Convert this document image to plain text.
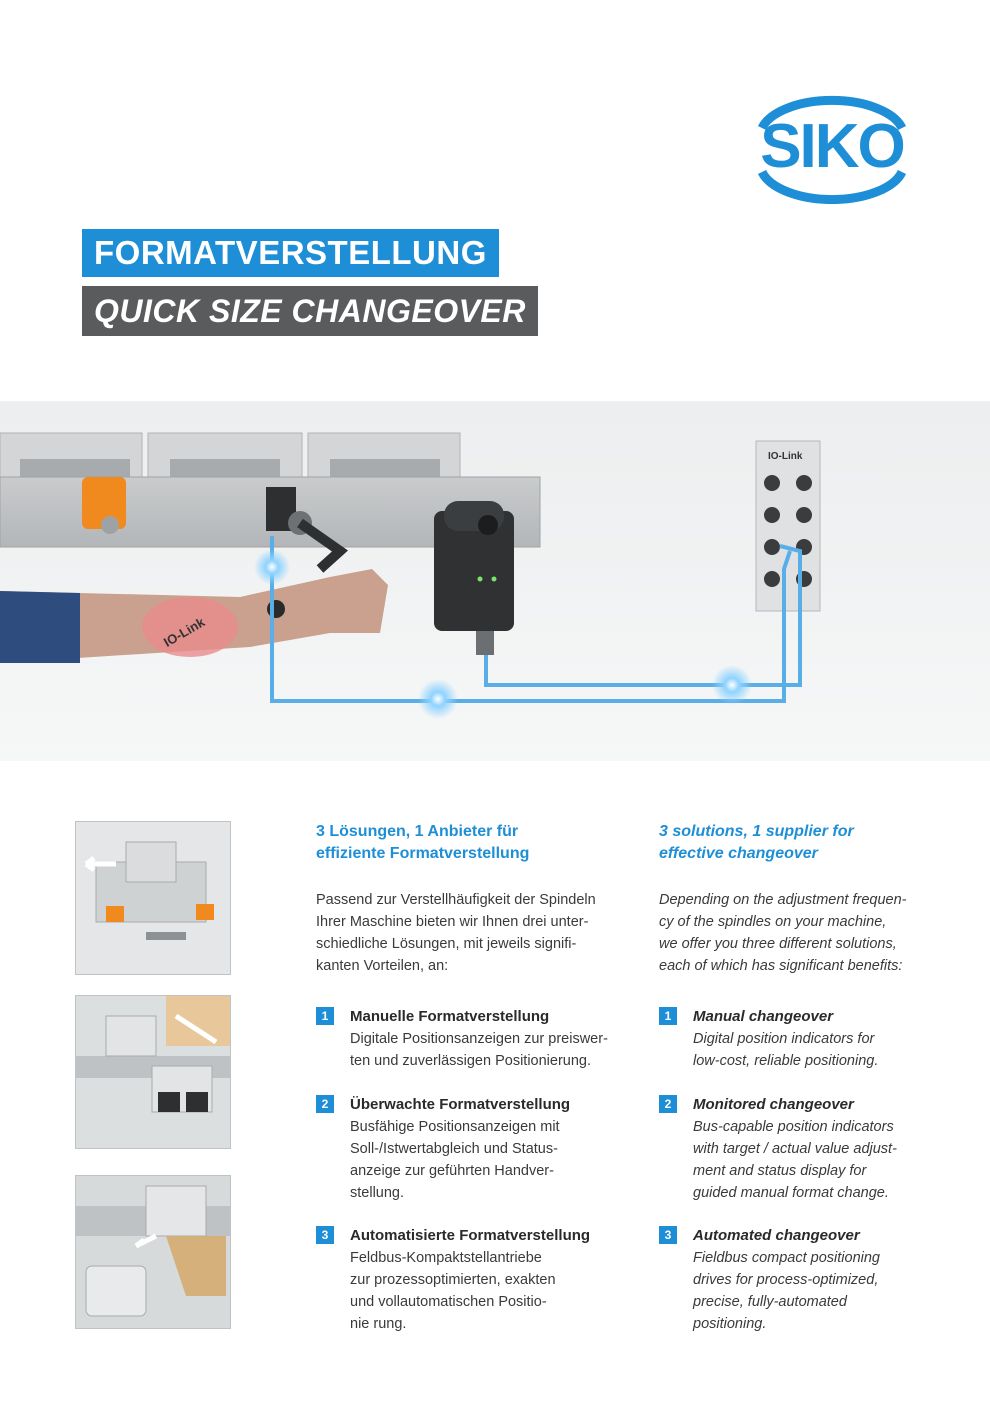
SIKO
FORMATVERSTELLUNG
QUICK SIZE CHANGEOVER
IO-Link
IO-Link

3 Lösungen, 1 Anbieter für
effiziente Formatverstellung

Passend zur Verstellhäufigkeit der Spindeln
Ihrer Maschine bieten wir Ihnen drei unter-
schiedliche Lösungen, mit jeweils signifi-
kanten Vorteilen, an:
1	Manuelle Formatverstellung
Digitale Positionsanzeigen zur preiswer-
ten und zuverlässigen Positionierung.
2	Überwachte Formatverstellung
Busfähige Positionsanzeigen mit
Soll-/Istwertabgleich und Status-
anzeige zur geführten Handver-
stellung.
3	Automatisierte Formatverstellung
Feldbus-Kompaktstellantriebe
zur prozessoptimierten, exakten
und vollautomatischen Positio-
nie rung.

3 solutions, 1 supplier for
effective changeover

Depending on the adjustment frequen-
cy of the spindles on your machine,
we offer you three different solutions,
each of which has significant benefits:
1	Manual changeover
Digital position indicators for
low-cost, reliable positioning.
2	Monitored changeover
Bus-capable position indicators
with target / actual value adjust-
ment and status display for
guided manual format change.
3	Automated changeover
Fieldbus compact positioning
drives for process-optimized,
precise, fully-automated
positioning.
